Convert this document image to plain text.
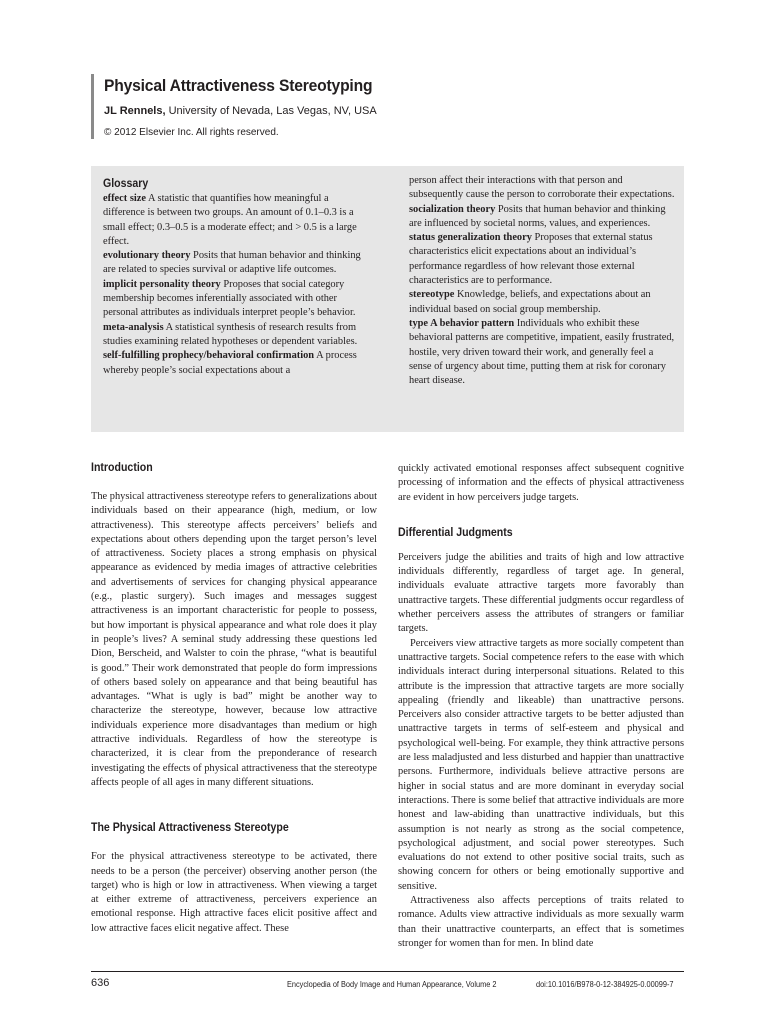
Physical Attractiveness Stereotyping
JL Rennels, University of Nevada, Las Vegas, NV, USA
© 2012 Elsevier Inc. All rights reserved.
Glossary
effect size A statistic that quantifies how meaningful a difference is between two groups. An amount of 0.1–0.3 is a small effect; 0.3–0.5 is a moderate effect; and > 0.5 is a large effect.
evolutionary theory Posits that human behavior and thinking are related to species survival or adaptive life outcomes.
implicit personality theory Proposes that social category membership becomes inferentially associated with other personal attributes as individuals interpret people’s behavior.
meta-analysis A statistical synthesis of research results from studies examining related hypotheses or dependent variables.
self-fulfilling prophecy/behavioral confirmation A process whereby people’s social expectations about a
person affect their interactions with that person and subsequently cause the person to corroborate their expectations.
socialization theory Posits that human behavior and thinking are influenced by societal norms, values, and experiences.
status generalization theory Proposes that external status characteristics elicit expectations about an individual’s performance regardless of how relevant those external characteristics are to performance.
stereotype Knowledge, beliefs, and expectations about an individual based on social group membership.
type A behavior pattern Individuals who exhibit these behavioral patterns are competitive, impatient, easily frustrated, hostile, very driven toward their work, and generally feel a sense of urgency about time, putting them at risk for coronary heart disease.
Introduction
The physical attractiveness stereotype refers to generalizations about individuals based on their appearance (high, medium, or low attractiveness). This stereotype affects perceivers’ beliefs and expectations about others depending upon the target person’s level of attractiveness. Society places a strong emphasis on physical appearance as evidenced by media images of attractive celebrities and advertisements of services for changing physical appearance (e.g., plastic surgery). Such images and messages suggest attractiveness is an important characteristic for people to possess, but how important is physical appearance and what role does it play in people’s lives? A seminal study addressing these questions led Dion, Berscheid, and Walster to coin the phrase, “what is beautiful is good.” Their work demonstrated that people do form impressions of others based solely on appearance and that being beautiful has advantages. “What is ugly is bad” might be another way to characterize the stereotype, however, because low attractive individuals experience more disadvantages than medium or high attractive individuals. Regardless of how the stereotype is characterized, it is clear from the preponderance of research investigating the effects of physical attractiveness that the stereotype affects people of all ages in many different situations.
The Physical Attractiveness Stereotype
For the physical attractiveness stereotype to be activated, there needs to be a person (the perceiver) observing another person (the target) who is high or low in attractiveness. When viewing a target at either extreme of attractiveness, perceivers experience an emotional response. High attractive faces elicit positive affect and low attractive faces elicit negative affect. These
quickly activated emotional responses affect subsequent cognitive processing of information and the effects of physical attractiveness are evident in how perceivers judge targets.
Differential Judgments
Perceivers judge the abilities and traits of high and low attractive individuals differently, regardless of target age. In general, individuals evaluate attractive targets more favorably than unattractive targets. These differential judgments occur regardless of whether perceivers assess the attributes of strangers or familiar targets.
Perceivers view attractive targets as more socially competent than unattractive targets. Social competence refers to the ease with which individuals interact during interpersonal situations. Related to this attribute is the impression that attractive targets are more socially appealing (friendly and likeable) than unattractive persons. Perceivers also consider attractive targets to be better adjusted than unattractive targets in terms of self-esteem and physical and psychological well-being. For example, they think attractive persons are less maladjusted and less disturbed and happier than unattractive persons. Furthermore, individuals believe attractive persons are higher in social status and are more dominant in everyday social interactions. There is some belief that attractive individuals are more honest and law-abiding than unattractive individuals, but this assumption is not nearly as strong as the social competence, psychological adjustment, and social power stereotypes. Such evaluations do not extend to other positive social traits, such as showing concern for others or being emotionally supportive and sensitive.
Attractiveness also affects perceptions of traits related to romance. Adults view attractive individuals as more sexually warm than their unattractive counterparts, an effect that is sometimes stronger for women than for men. In blind date
636	Encyclopedia of Body Image and Human Appearance, Volume 2	doi:10.1016/B978-0-12-384925-0.00099-7
